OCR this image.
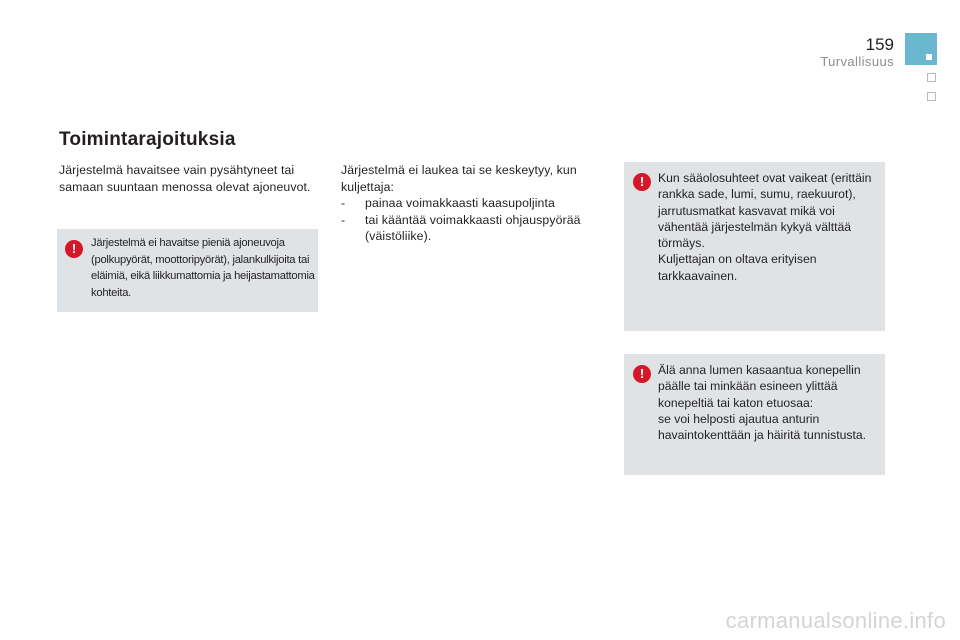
159
Turvallisuus
Toimintarajoituksia

Järjestelmä havaitsee vain pysähtyneet tai samaan suuntaan menossa olevat ajoneuvot.

!	Järjestelmä ei havaitse pieniä ajoneuvoja (polkupyörät, moottoripyörät), jalankulkijoita tai eläimiä, eikä liikkumattomia ja heijastamattomia kohteita.

Järjestelmä ei laukea tai se keskeytyy, kun kuljettaja:
- painaa voimakkaasti kaasupoljinta
- tai kääntää voimakkaasti ohjauspyörää (väistöliike).
!	Kun sääolosuhteet ovat vaikeat (erittäin rankka sade, lumi, sumu, raekuurot), jarrutusmatkat kasvavat mikä voi vähentää järjestelmän kykyä välttää törmäys.
Kuljettajan on oltava erityisen tarkkaavainen.

!	Älä anna lumen kasaantua konepellin päälle tai minkään esineen ylittää konepeltiä tai katon etuosaa:
se voi helposti ajautua anturin havaintokenttään ja häiritä tunnistusta.

carmanualsonline.info
